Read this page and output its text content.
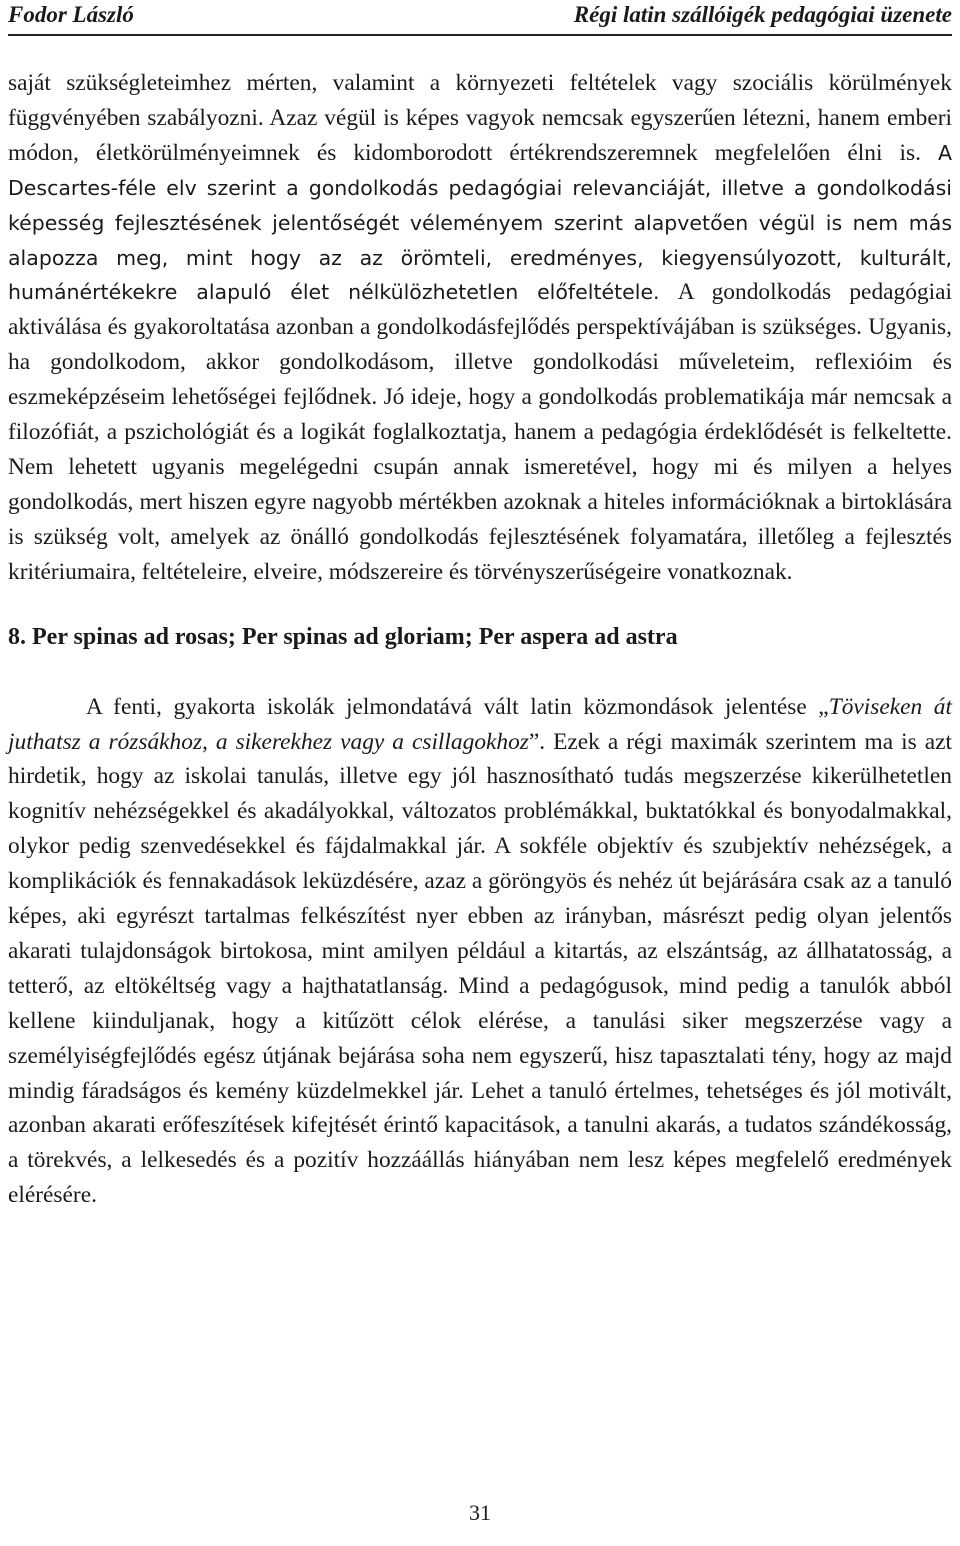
Fodor László	Régi latin szállóigék pedagógiai üzenete

saját szükségleteimhez mérten, valamint a környezeti feltételek vagy szociális körülmények függvényében szabályozni. Azaz végül is képes vagyok nemcsak egyszerűen létezni, hanem emberi módon, életkörülményeimnek és kidomborodott értékrendszeremnek megfelelően élni is. A Descartes-féle elv szerint a gondolkodás pedagógiai relevanciáját, illetve a gondolkodási képesség fejlesztésének jelentőségét véleményem szerint alapvetően végül is nem más alapozza meg, mint hogy az az örömteli, eredményes, kiegyensúlyozott, kulturált, humánértékekre alapuló élet nélkülözhetetlen előfeltétele. A gondolkodás pedagógiai aktiválása és gyakoroltatása azonban a gondolkodásfejlődés perspektívájában is szükséges. Ugyanis, ha gondolkodom, akkor gondolkodásom, illetve gondolkodási műveleteim, reflexióim és eszmeképzéseim lehetőségei fejlődnek. Jó ideje, hogy a gondolkodás problematikája már nemcsak a filozófiát, a pszichológiát és a logikát foglalkoztatja, hanem a pedagógia érdeklődését is felkeltette. Nem lehetett ugyanis megelégedni csupán annak ismeretével, hogy mi és milyen a helyes gondolkodás, mert hiszen egyre nagyobb mértékben azoknak a hiteles információknak a birtoklására is szükség volt, amelyek az önálló gondolkodás fejlesztésének folyamatára, illetőleg a fejlesztés kritériumaira, feltételeire, elveire, módszereire és törvényszerűségeire vonatkoznak.

8. Per spinas ad rosas; Per spinas ad gloriam; Per aspera ad astra

A fenti, gyakorta iskolák jelmondatává vált latin közmondások jelentése „Töviseken át juthatsz a rózsákhoz, a sikerekhez vagy a csillagokhoz”. Ezek a régi maximák szerintem ma is azt hirdetik, hogy az iskolai tanulás, illetve egy jól hasznosítható tudás megszerzése kikerülhetetlen kognitív nehézségekkel és akadályokkal, változatos problémákkal, buktatókkal és bonyodalmakkal, olykor pedig szenvedésekkel és fájdalmakkal jár. A sokféle objektív és szubjektív nehézségek, a komplikációk és fennakadások leküzdésére, azaz a göröngyös és nehéz út bejárására csak az a tanuló képes, aki egyrészt tartalmas felkészítést nyer ebben az irányban, másrészt pedig olyan jelentős akarati tulajdonságok birtokosa, mint amilyen például a kitartás, az elszántság, az állhatatosság, a tetterő, az eltökéltség vagy a hajthatatlanság. Mind a pedagógusok, mind pedig a tanulók abból kellene kiinduljanak, hogy a kitűzött célok elérése, a tanulási siker megszerzése vagy a személyiségfejlődés egész útjának bejárása soha nem egyszerű, hisz tapasztalati tény, hogy az majd mindig fáradságos és kemény küzdelmekkel jár. Lehet a tanuló értelmes, tehetséges és jól motivált, azonban akarati erőfeszítések kifejtését érintő kapacitások, a tanulni akarás, a tudatos szándékosság, a törekvés, a lelkesedés és a pozitív hozzáállás hiányában nem lesz képes megfelelő eredmények elérésére.

31
